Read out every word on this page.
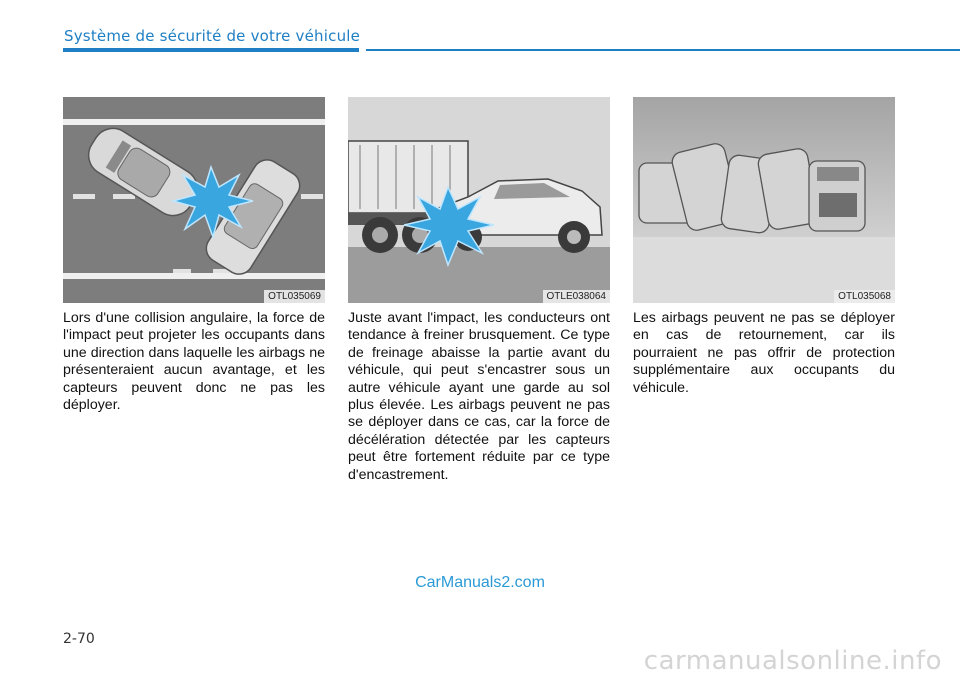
Système de sécurité de votre véhicule
OTL035069	OTLE038064	OTL035068
Lors d'une collision angulaire, la force de l'impact peut projeter les occupants dans une direction dans laquelle les airbags ne présenteraient aucun avantage, et les capteurs peuvent donc ne pas les déployer.
Juste avant l'impact, les conducteurs ont tendance à freiner brusquement. Ce type de freinage abaisse la partie avant du véhicule, qui peut s'encastrer sous un autre véhicule ayant une garde au sol plus élevée. Les airbags peuvent ne pas se déployer dans ce cas, car la force de décélération détectée par les capteurs peut être fortement réduite par ce type d'encastrement.
Les airbags peuvent ne pas se déployer en cas de retournement, car ils pourraient ne pas offrir de protection supplémentaire aux occupants du véhicule.
CarManuals2.com
2-70
carmanualsonline.info
